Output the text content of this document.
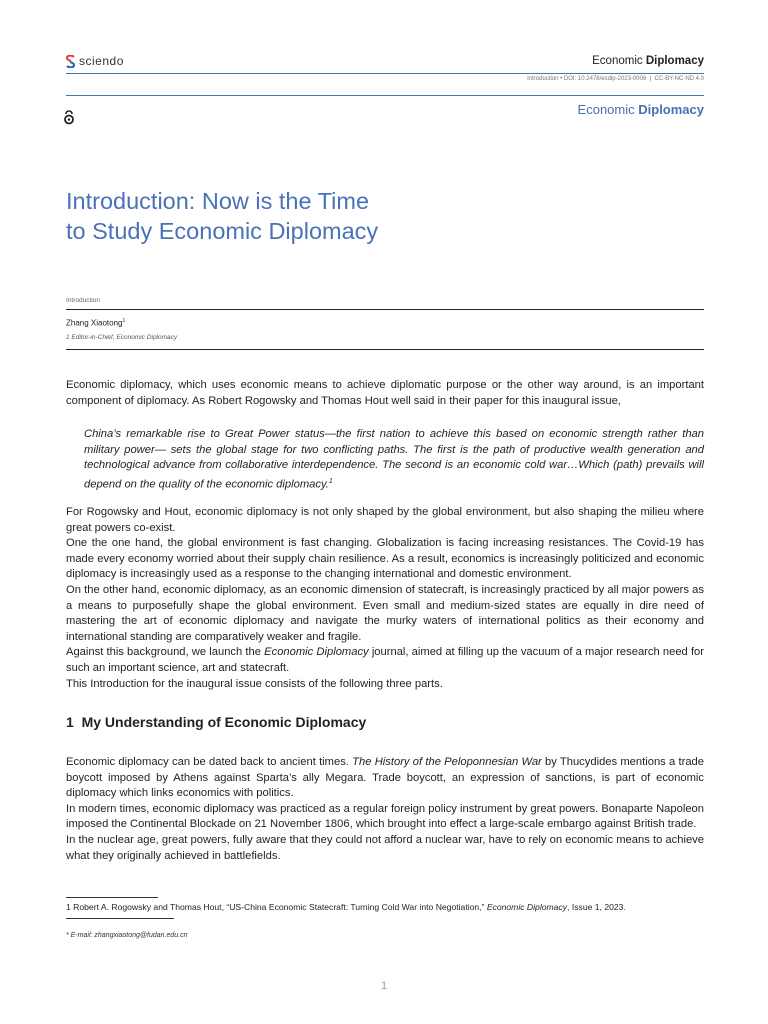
sciendo	Economic Diplomacy
Introduction • DOI: 10.2478/ecdip-2023-0006  |  CC-BY-NC-ND 4.0
Economic Diplomacy
Introduction: Now is the Time
to Study Economic Diplomacy
Introduction
Zhang Xiaotong$^1$
1 Editor-in-Chief, Economic Diplomacy

Economic diplomacy, which uses economic means to achieve diplomatic purpose or the other way around, is an important component of diplomacy. As Robert Rogowsky and Thomas Hout well said in their paper for this inaugural issue,

China’s remarkable rise to Great Power status—the first nation to achieve this based on economic strength rather than military power— sets the global stage for two conflicting paths. The first is the path of productive wealth generation and technological advance from collaborative interdependence. The second is an economic cold war…Which (path) prevails will depend on the quality of the economic diplomacy.$^1$

For Rogowsky and Hout, economic diplomacy is not only shaped by the global environment, but also shaping the milieu where great powers co-exist.

One the one hand, the global environment is fast changing. Globalization is facing increasing resistances. The Covid-19 has made every economy worried about their supply chain resilience. As a result, economics is increasingly politicized and economic diplomacy is increasingly used as a response to the changing international and domestic environment.

On the other hand, economic diplomacy, as an economic dimension of statecraft, is increasingly practiced by all major powers as a means to purposefully shape the global environment. Even small and medium-sized states are equally in dire need of mastering the art of economic diplomacy and navigate the murky waters of international politics as their economy and international standing are comparatively weaker and fragile.

Against this background, we launch the Economic Diplomacy journal, aimed at filling up the vacuum of a major research need for such an important science, art and statecraft.

This Introduction for the inaugural issue consists of the following three parts.

1  My Understanding of Economic Diplomacy

Economic diplomacy can be dated back to ancient times. The History of the Peloponnesian War by Thucydides mentions a trade boycott imposed by Athens against Sparta’s ally Megara. Trade boycott, an expression of sanctions, is part of economic diplomacy which links economics with politics.

In modern times, economic diplomacy was practiced as a regular foreign policy instrument by great powers. Bonaparte Napoleon imposed the Continental Blockade on 21 November 1806, which brought into effect a large-scale embargo against British trade.

In the nuclear age, great powers, fully aware that they could not afford a nuclear war, have to rely on economic means to achieve what they originally achieved in battlefields.

1 Robert A. Rogowsky and Thomas Hout, “US-China Economic Statecraft: Turning Cold War into Negotiation,” Economic Diplomacy, Issue 1, 2023.
* E-mail: zhangxiaotong@fudan.edu.cn
1
